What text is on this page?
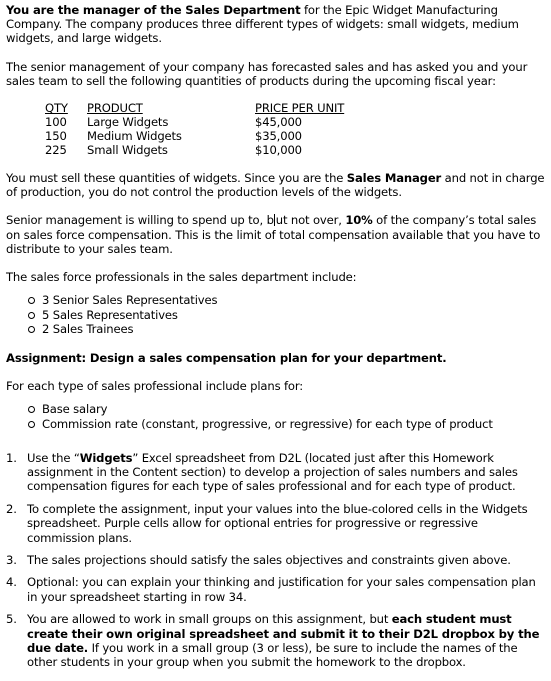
You are the manager of the Sales Department for the Epic Widget Manufacturing Company. The company produces three different types of widgets: small widgets, medium widgets, and large widgets.

The senior management of your company has forecasted sales and has asked you and your sales team to sell the following quantities of products during the upcoming fiscal year:

QTY	PRODUCT	PRICE PER UNIT
100	Large Widgets	$45,000
150	Medium Widgets	$35,000
225	Small Widgets	$10,000

You must sell these quantities of widgets. Since you are the Sales Manager and not in charge of production, you do not control the production levels of the widgets.

Senior management is willing to spend up to, b ut not over, 10% of the company’s total sales on sales force compensation. This is the limit of total compensation available that you have to distribute to your sales team.

The sales force professionals in the sales department include:

3 Senior Sales Representatives
5 Sales Representatives
2 Sales Trainees

Assignment: Design a sales compensation plan for your department.

For each type of sales professional include plans for:

Base salary
Commission rate (constant, progressive, or regressive) for each type of product
1. Use the “Widgets” Excel spreadsheet from D2L (located just after this Homework assignment in the Content section) to develop a projection of sales numbers and sales compensation figures for each type of sales professional and for each type of product.
2. To complete the assignment, input your values into the blue-colored cells in the Widgets spreadsheet. Purple cells allow for optional entries for progressive or regressive commission plans.
3. The sales projections should satisfy the sales objectives and constraints given above.
4. Optional: you can explain your thinking and justification for your sales compensation plan in your spreadsheet starting in row 34.
5. You are allowed to work in small groups on this assignment, but each student must create their own original spreadsheet and submit it to their D2L dropbox by the due date. If you work in a small group (3 or less), be sure to include the names of the other students in your group when you submit the homework to the dropbox.
